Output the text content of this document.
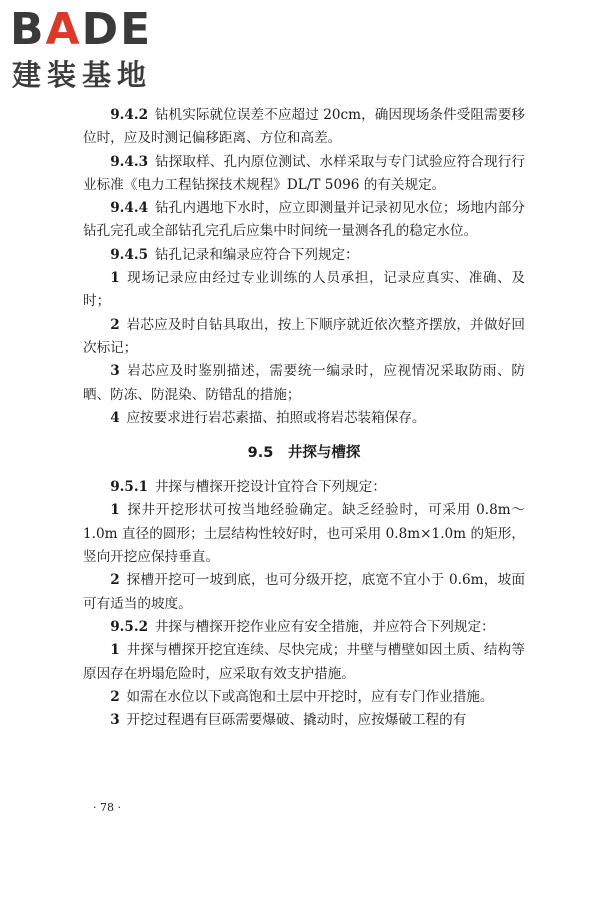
BADE
建装基地

9.4.2 钻机实际就位误差不应超过 20cm，确因现场条件受阻需要移位时，应及时测记偏移距离、方位和高差。

9.4.3 钻探取样、孔内原位测试、水样采取与专门试验应符合现行行业标准《电力工程钻探技术规程》DL/T 5096 的有关规定。

9.4.4 钻孔内遇地下水时，应立即测量并记录初见水位；场地内部分钻孔完孔或全部钻孔完孔后应集中时间统一量测各孔的稳定水位。

9.4.5 钻孔记录和编录应符合下列规定：

1 现场记录应由经过专业训练的人员承担，记录应真实、准确、及时；

2 岩芯应及时自钻具取出，按上下顺序就近依次整齐摆放，并做好回次标记；

3 岩芯应及时鉴别描述，需要统一编录时，应视情况采取防雨、防晒、防冻、防混染、防错乱的措施；

4 应按要求进行岩芯素描、拍照或将岩芯装箱保存。

9.5　井探与槽探

9.5.1 井探与槽探开挖设计宜符合下列规定：

1 探井开挖形状可按当地经验确定。缺乏经验时，可采用 0.8m～1.0m 直径的圆形；土层结构性较好时，也可采用 0.8m×1.0m 的矩形，竖向开挖应保持垂直。

2 探槽开挖可一坡到底，也可分级开挖，底宽不宜小于 0.6m，坡面可有适当的坡度。

9.5.2 井探与槽探开挖作业应有安全措施，并应符合下列规定：

1 井探与槽探开挖宜连续、尽快完成；井壁与槽壁如因土质、结构等原因存在坍塌危险时，应采取有效支护措施。

2 如需在水位以下或高饱和土层中开挖时，应有专门作业措施。

3 开挖过程遇有巨砾需要爆破、撬动时，应按爆破工程的有

· 78 ·
